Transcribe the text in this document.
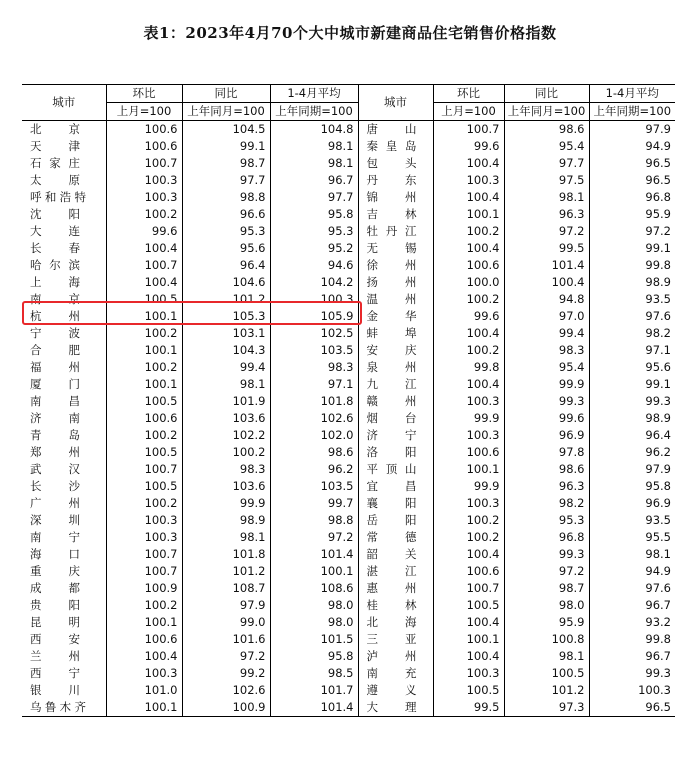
表1：2023年4月70个大中城市新建商品住宅销售价格指数
城市	环比	同比	1-4月平均	城市	环比	同比	1-4月平均
	上月=100	上年同月=100	上年同期=100		上月=100	上年同月=100	上年同期=100

北京	100.6	104.5	104.8	唐山	100.7	98.6	97.9

天津	100.6	99.1	98.1	秦皇岛	99.6	95.4	94.9

石家庄	100.7	98.7	98.1	包头	100.4	97.7	96.5

太原	100.3	97.7	96.7	丹东	100.3	97.5	96.5

呼和浩特	100.3	98.8	97.7	锦州	100.4	98.1	96.8

沈阳	100.2	96.6	95.8	吉林	100.1	96.3	95.9

大连	99.6	95.3	95.3	牡丹江	100.2	97.2	97.2

长春	100.4	95.6	95.2	无锡	100.4	99.5	99.1

哈尔滨	100.7	96.4	94.6	徐州	100.6	101.4	99.8

上海	100.4	104.6	104.2	扬州	100.0	100.4	98.9

南京	100.5	101.2	100.3	温州	100.2	94.8	93.5

杭州	100.1	105.3	105.9	金华	99.6	97.0	97.6

宁波	100.2	103.1	102.5	蚌埠	100.4	99.4	98.2

合肥	100.1	104.3	103.5	安庆	100.2	98.3	97.1

福州	100.2	99.4	98.3	泉州	99.8	95.4	95.6

厦门	100.1	98.1	97.1	九江	100.4	99.9	99.1

南昌	100.5	101.9	101.8	赣州	100.3	99.3	99.3

济南	100.6	103.6	102.6	烟台	99.9	99.6	98.9

青岛	100.2	102.2	102.0	济宁	100.3	96.9	96.4

郑州	100.5	100.2	98.6	洛阳	100.6	97.8	96.2

武汉	100.7	98.3	96.2	平顶山	100.1	98.6	97.9

长沙	100.5	103.6	103.5	宜昌	99.9	96.3	95.8

广州	100.2	99.9	99.7	襄阳	100.3	98.2	96.9

深圳	100.3	98.9	98.8	岳阳	100.2	95.3	93.5

南宁	100.3	98.1	97.2	常德	100.2	96.8	95.5

海口	100.7	101.8	101.4	韶关	100.4	99.3	98.1

重庆	100.7	101.2	100.1	湛江	100.6	97.2	94.9

成都	100.9	108.7	108.6	惠州	100.7	98.7	97.6

贵阳	100.2	97.9	98.0	桂林	100.5	98.0	96.7

昆明	100.1	99.0	98.0	北海	100.4	95.9	93.2

西安	100.6	101.6	101.5	三亚	100.1	100.8	99.8

兰州	100.4	97.2	95.8	泸州	100.4	98.1	96.7

西宁	100.3	99.2	98.5	南充	100.3	100.5	99.3

银川	101.0	102.6	101.7	遵义	100.5	101.2	100.3

乌鲁木齐	100.1	100.9	101.4	大理	99.5	97.3	96.5
